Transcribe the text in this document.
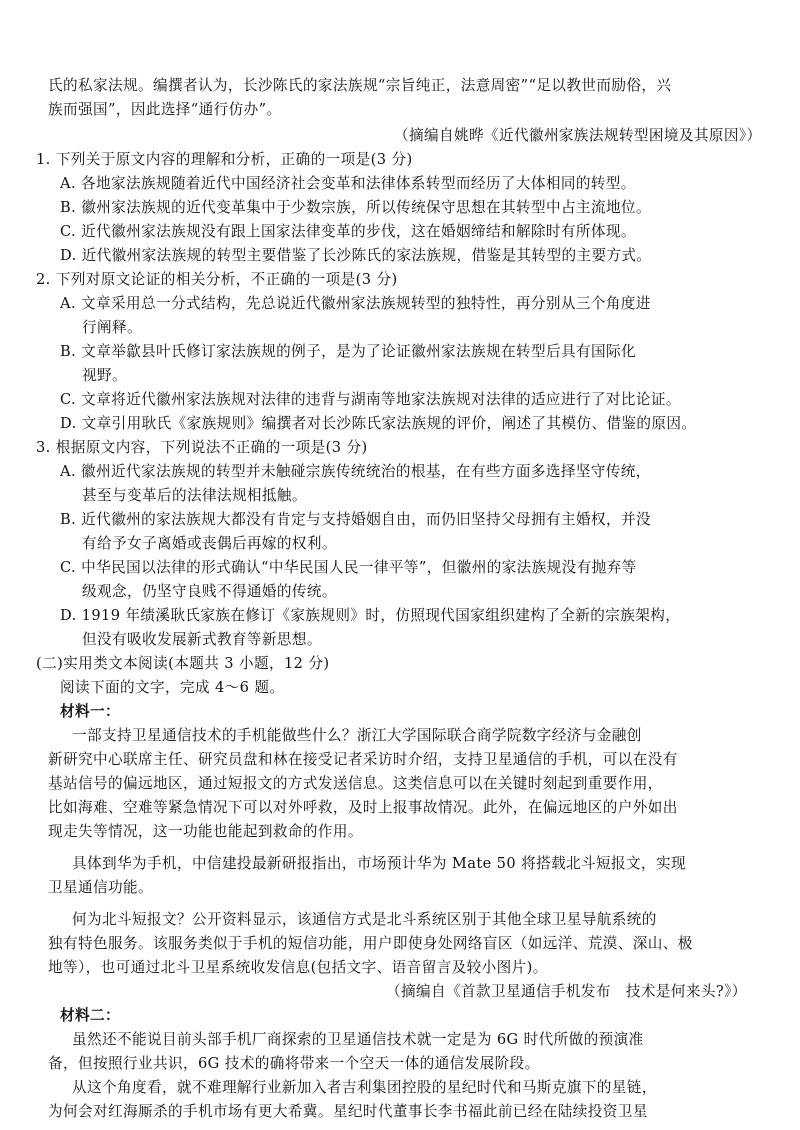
氏的私家法规。编撰者认为，长沙陈氏的家法族规“宗旨纯正，法意周密”“足以教世而励俗，兴
族而强国”，因此选择“通行仿办”。
（摘编自姚晔《近代徽州家族法规转型困境及其原因》）
1. 下列关于原文内容的理解和分析，正确的一项是(3 分)
A. 各地家法族规随着近代中国经济社会变革和法律体系转型而经历了大体相同的转型。
B. 徽州家法族规的近代变革集中于少数宗族，所以传统保守思想在其转型中占主流地位。
C. 近代徽州家法族规没有跟上国家法律变革的步伐，这在婚姻缔结和解除时有所体现。
D. 近代徽州家法族规的转型主要借鉴了长沙陈氏的家法族规，借鉴是其转型的主要方式。
2. 下列对原文论证的相关分析，不正确的一项是(3 分)
A. 文章采用总一分式结构，先总说近代徽州家法族规转型的独特性，再分别从三个角度进
行阐释。
B. 文章举歙县叶氏修订家法族规的例子，是为了论证徽州家法族规在转型后具有国际化
视野。
C. 文章将近代徽州家法族规对法律的违背与湖南等地家法族规对法律的适应进行了对比论证。
D. 文章引用耿氏《家族规则》编撰者对长沙陈氏家法族规的评价，阐述了其模仿、借鉴的原因。
3. 根据原文内容，下列说法不正确的一项是(3 分)
A. 徽州近代家法族规的转型并未触碰宗族传统统治的根基，在有些方面多选择坚守传统，
甚至与变革后的法律法规相抵触。
B. 近代徽州的家法族规大都没有肯定与支持婚姻自由，而仍旧坚持父母拥有主婚权，并没
有给予女子离婚或丧偶后再嫁的权利。
C. 中华民国以法律的形式确认“中华民国人民一律平等”，但徽州的家法族规没有抛弃等
级观念，仍坚守良贱不得通婚的传统。
D. 1919 年绩溪耿氏家族在修订《家族规则》时，仿照现代国家组织建构了全新的宗族架构，
但没有吸收发展新式教育等新思想。
(二)实用类文本阅读(本题共 3 小题，12 分)
阅读下面的文字，完成 4～6 题。
材料一：
一部支持卫星通信技术的手机能做些什么？浙江大学国际联合商学院数字经济与金融创
新研究中心联席主任、研究员盘和林在接受记者采访时介绍，支持卫星通信的手机，可以在没有
基站信号的偏远地区，通过短报文的方式发送信息。这类信息可以在关键时刻起到重要作用，
比如海难、空难等紧急情况下可以对外呼救，及时上报事故情况。此外，在偏远地区的户外如出
现走失等情况，这一功能也能起到救命的作用。
具体到华为手机，中信建投最新研报指出，市场预计华为 Mate 50 将搭载北斗短报文，实现
卫星通信功能。
何为北斗短报文？公开资料显示，该通信方式是北斗系统区别于其他全球卫星导航系统的
独有特色服务。该服务类似于手机的短信功能，用户即使身处网络盲区（如远洋、荒漠、深山、极
地等），也可通过北斗卫星系统收发信息(包括文字、语音留言及较小图片)。
（摘编自《首款卫星通信手机发布　技术是何来头?》）
材料二：
虽然还不能说目前头部手机厂商探索的卫星通信技术就一定是为 6G 时代所做的预演准
备，但按照行业共识，6G 技术的确将带来一个空天一体的通信发展阶段。
从这个角度看，就不难理解行业新加入者吉利集团控股的星纪时代和马斯克旗下的星链，
为何会对红海厮杀的手机市场有更大希冀。星纪时代董事长李书福此前已经在陆续投资卫星
